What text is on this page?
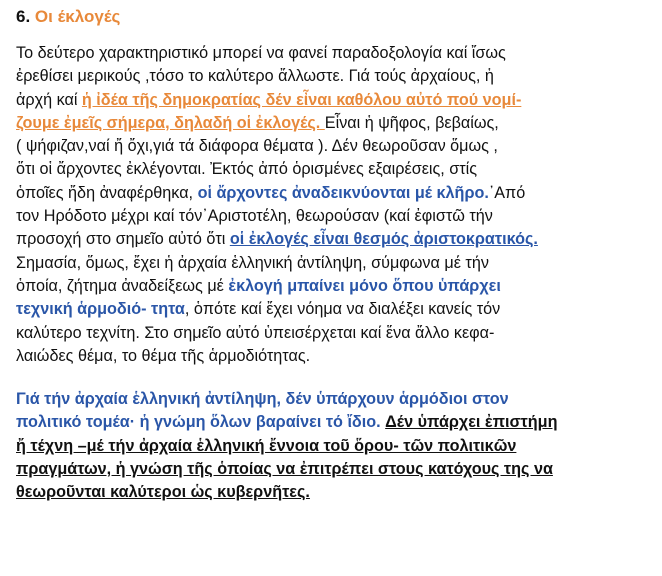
6. Οι έκλογές

Το δεύτερο χαρακτηριστικό μπορεί να φανεί παραδοξολογία καί ἴσως
ἐρεθίσει μερικούς ,τόσο το καλύτερο ἄλλωστε. Γιά τούς ἀρχαίους, ἡ
ἀρχή καί ἡ ἰδέα τῆς δημοκρατίας δέν εἶναι καθόλου αὐτό πού νομί-
ζουμε ἐμεῖς σήμερα, δηλαδή οἱ ἐκλογές. Εἶναι ἡ ψῆφος, βεβαίως,
( ψήφιζαν,ναί ἤ ὄχι,γιά τά διάφορα θέματα ). Δέν θεωροῦσαν ὅμως ,
ὅτι οἱ ἄρχοντες ἐκλέγονται. Ἐκτός ἀπό ὁρισμένες εξαιρέσεις, στίς
ὁποῖες ἤδη ἀναφέρθηκα, οἱ ἄρχοντες ἀναδεικνύονται μέ κλῆρο.᾿Από
τον Ηρόδοτο μέχρι καί τόν᾿Αριστοτέλη, θεωρούσαν (καί ἐφιστῶ τήν
προσοχή στο σημεῖο αὐτό ὅτι οἱ ἐκλογές εἶναι θεσμός ἀριστοκρατικός.
Σημασία, ὅμως, ἔχει ἡ ἀρχαία ἑλληνική ἀντίληψη, σύμφωνα μέ τήν
ὁποία, ζήτημα ἀναδείξεως μέ ἐκλογή μπαίνει μόνο ὅπου ὑπάρχει
τεχνική ἁρμοδιό- τητα, ὁπότε καί ἔχει νόημα να διαλέξει κανείς τόν
καλύτερο τεχνίτη. Στο σημεῖο αὐτό ὑπεισέρχεται καί ἕνα ἄλλο κεφα-
λαιώδες θέμα, το θέμα τῆς ἁρμοδιότητας.

Γιά τήν ἀρχαία ἑλληνική ἀντίληψη, δέν ὑπάρχουν ἁρμόδιοι στον
πολιτικό τομέα· ἡ γνώμη ὅλων βαραίνει τό ἴδιο. Δέν ὑπάρχει ἐπιστήμη
ἤ τέχνη –μέ τήν ἀρχαία ἑλληνική ἔννοια τοῦ ὅρου- τῶν πολιτικῶν
πραγμάτων, ἡ γνώση τῆς ὁποίας να ἐπιτρέπει στους κατόχους της να
θεωροῦνται καλύτεροι ὡς κυβερνῆτες.
